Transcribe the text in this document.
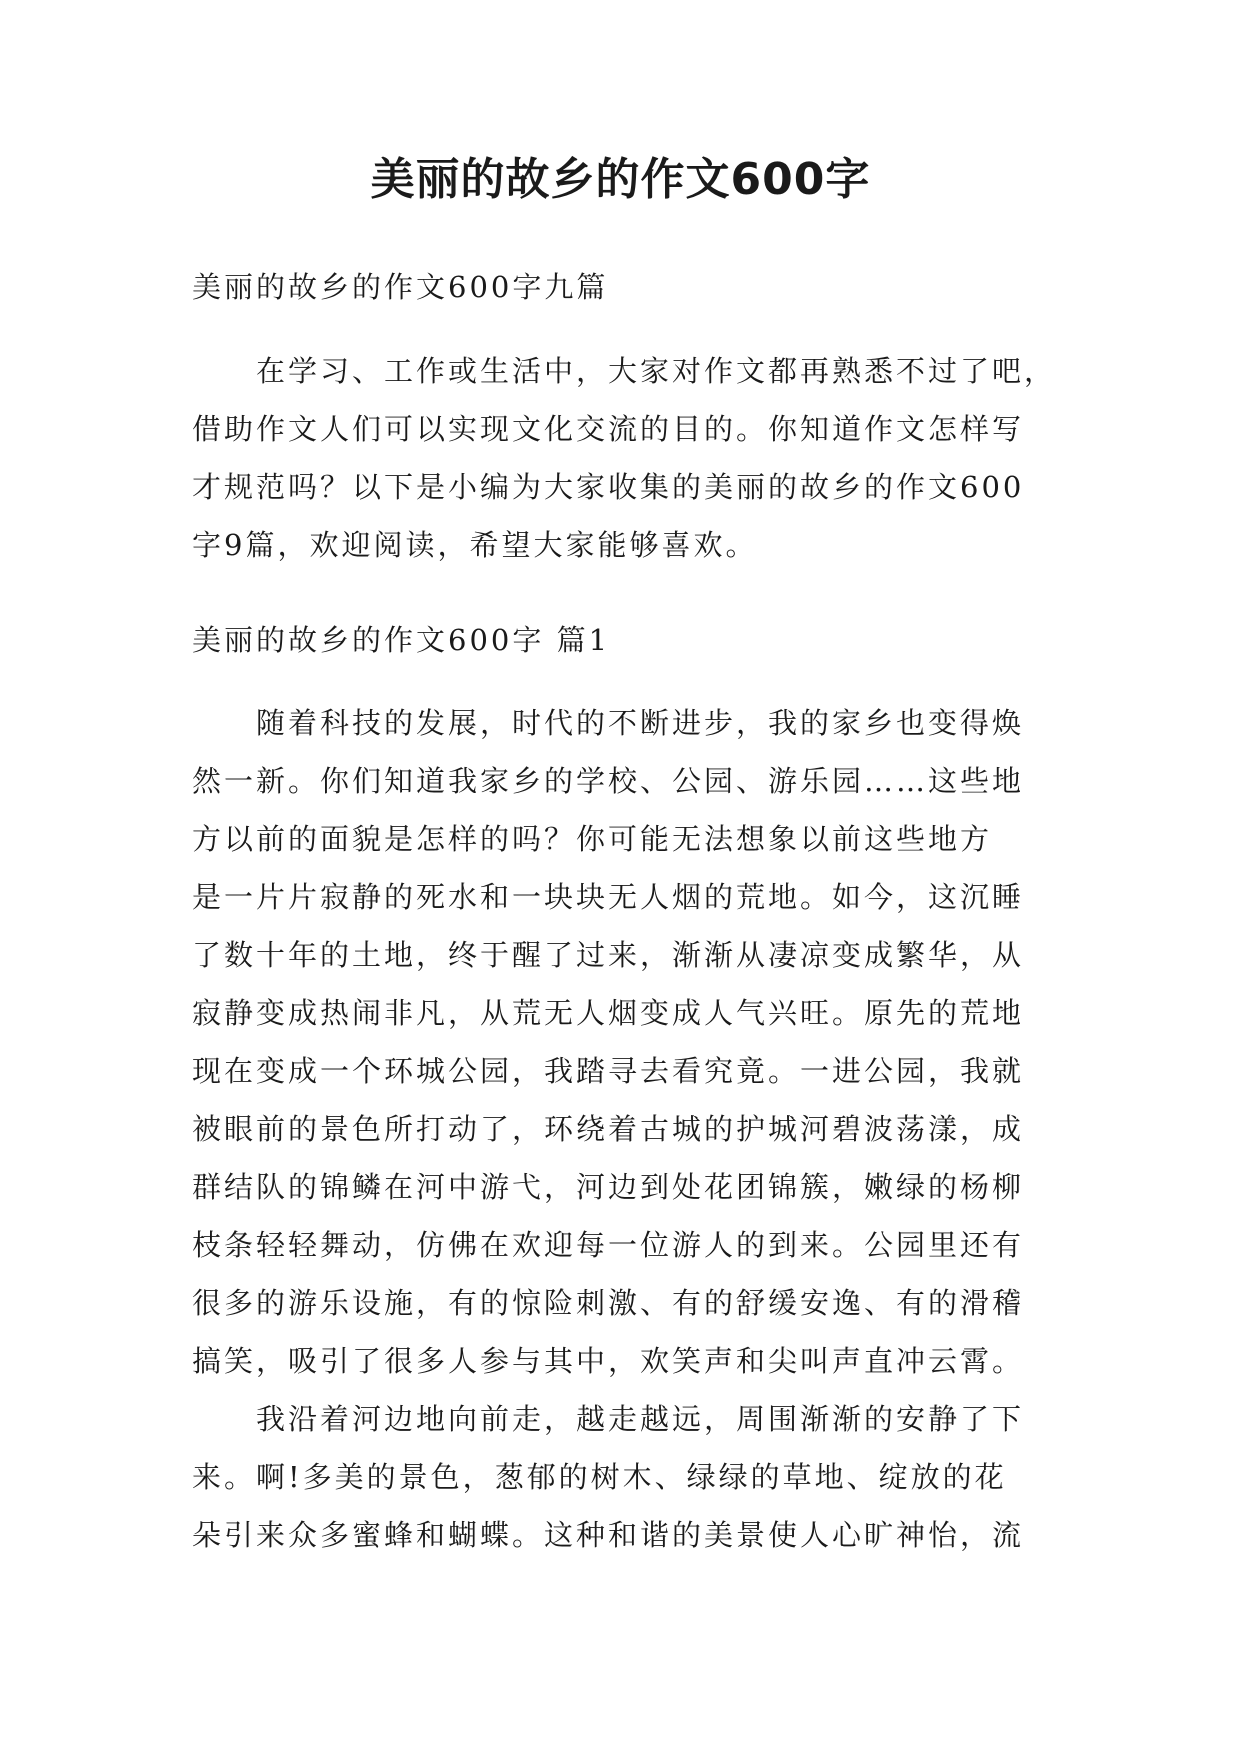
美丽的故乡的作文600字
美丽的故乡的作文600字九篇
在学习、工作或生活中，大家对作文都再熟悉不过了吧，
借助作文人们可以实现文化交流的目的。你知道作文怎样写
才规范吗？以下是小编为大家收集的美丽的故乡的作文600
字9篇，欢迎阅读，希望大家能够喜欢。
美丽的故乡的作文600字 篇1
随着科技的发展，时代的不断进步，我的家乡也变得焕
然一新。你们知道我家乡的学校、公园、游乐园……这些地
方以前的面貌是怎样的吗？你可能无法想象以前这些地方
是一片片寂静的死水和一块块无人烟的荒地。如今，这沉睡
了数十年的土地，终于醒了过来，渐渐从凄凉变成繁华，从
寂静变成热闹非凡，从荒无人烟变成人气兴旺。原先的荒地
现在变成一个环城公园，我踏寻去看究竟。一进公园，我就
被眼前的景色所打动了，环绕着古城的护城河碧波荡漾，成
群结队的锦鳞在河中游弋，河边到处花团锦簇，嫩绿的杨柳
枝条轻轻舞动，仿佛在欢迎每一位游人的到来。公园里还有
很多的游乐设施，有的惊险刺激、有的舒缓安逸、有的滑稽
搞笑，吸引了很多人参与其中，欢笑声和尖叫声直冲云霄。
我沿着河边地向前走，越走越远，周围渐渐的安静了下
来。啊!多美的景色，葱郁的树木、绿绿的草地、绽放的花
朵引来众多蜜蜂和蝴蝶。这种和谐的美景使人心旷神怡，流
